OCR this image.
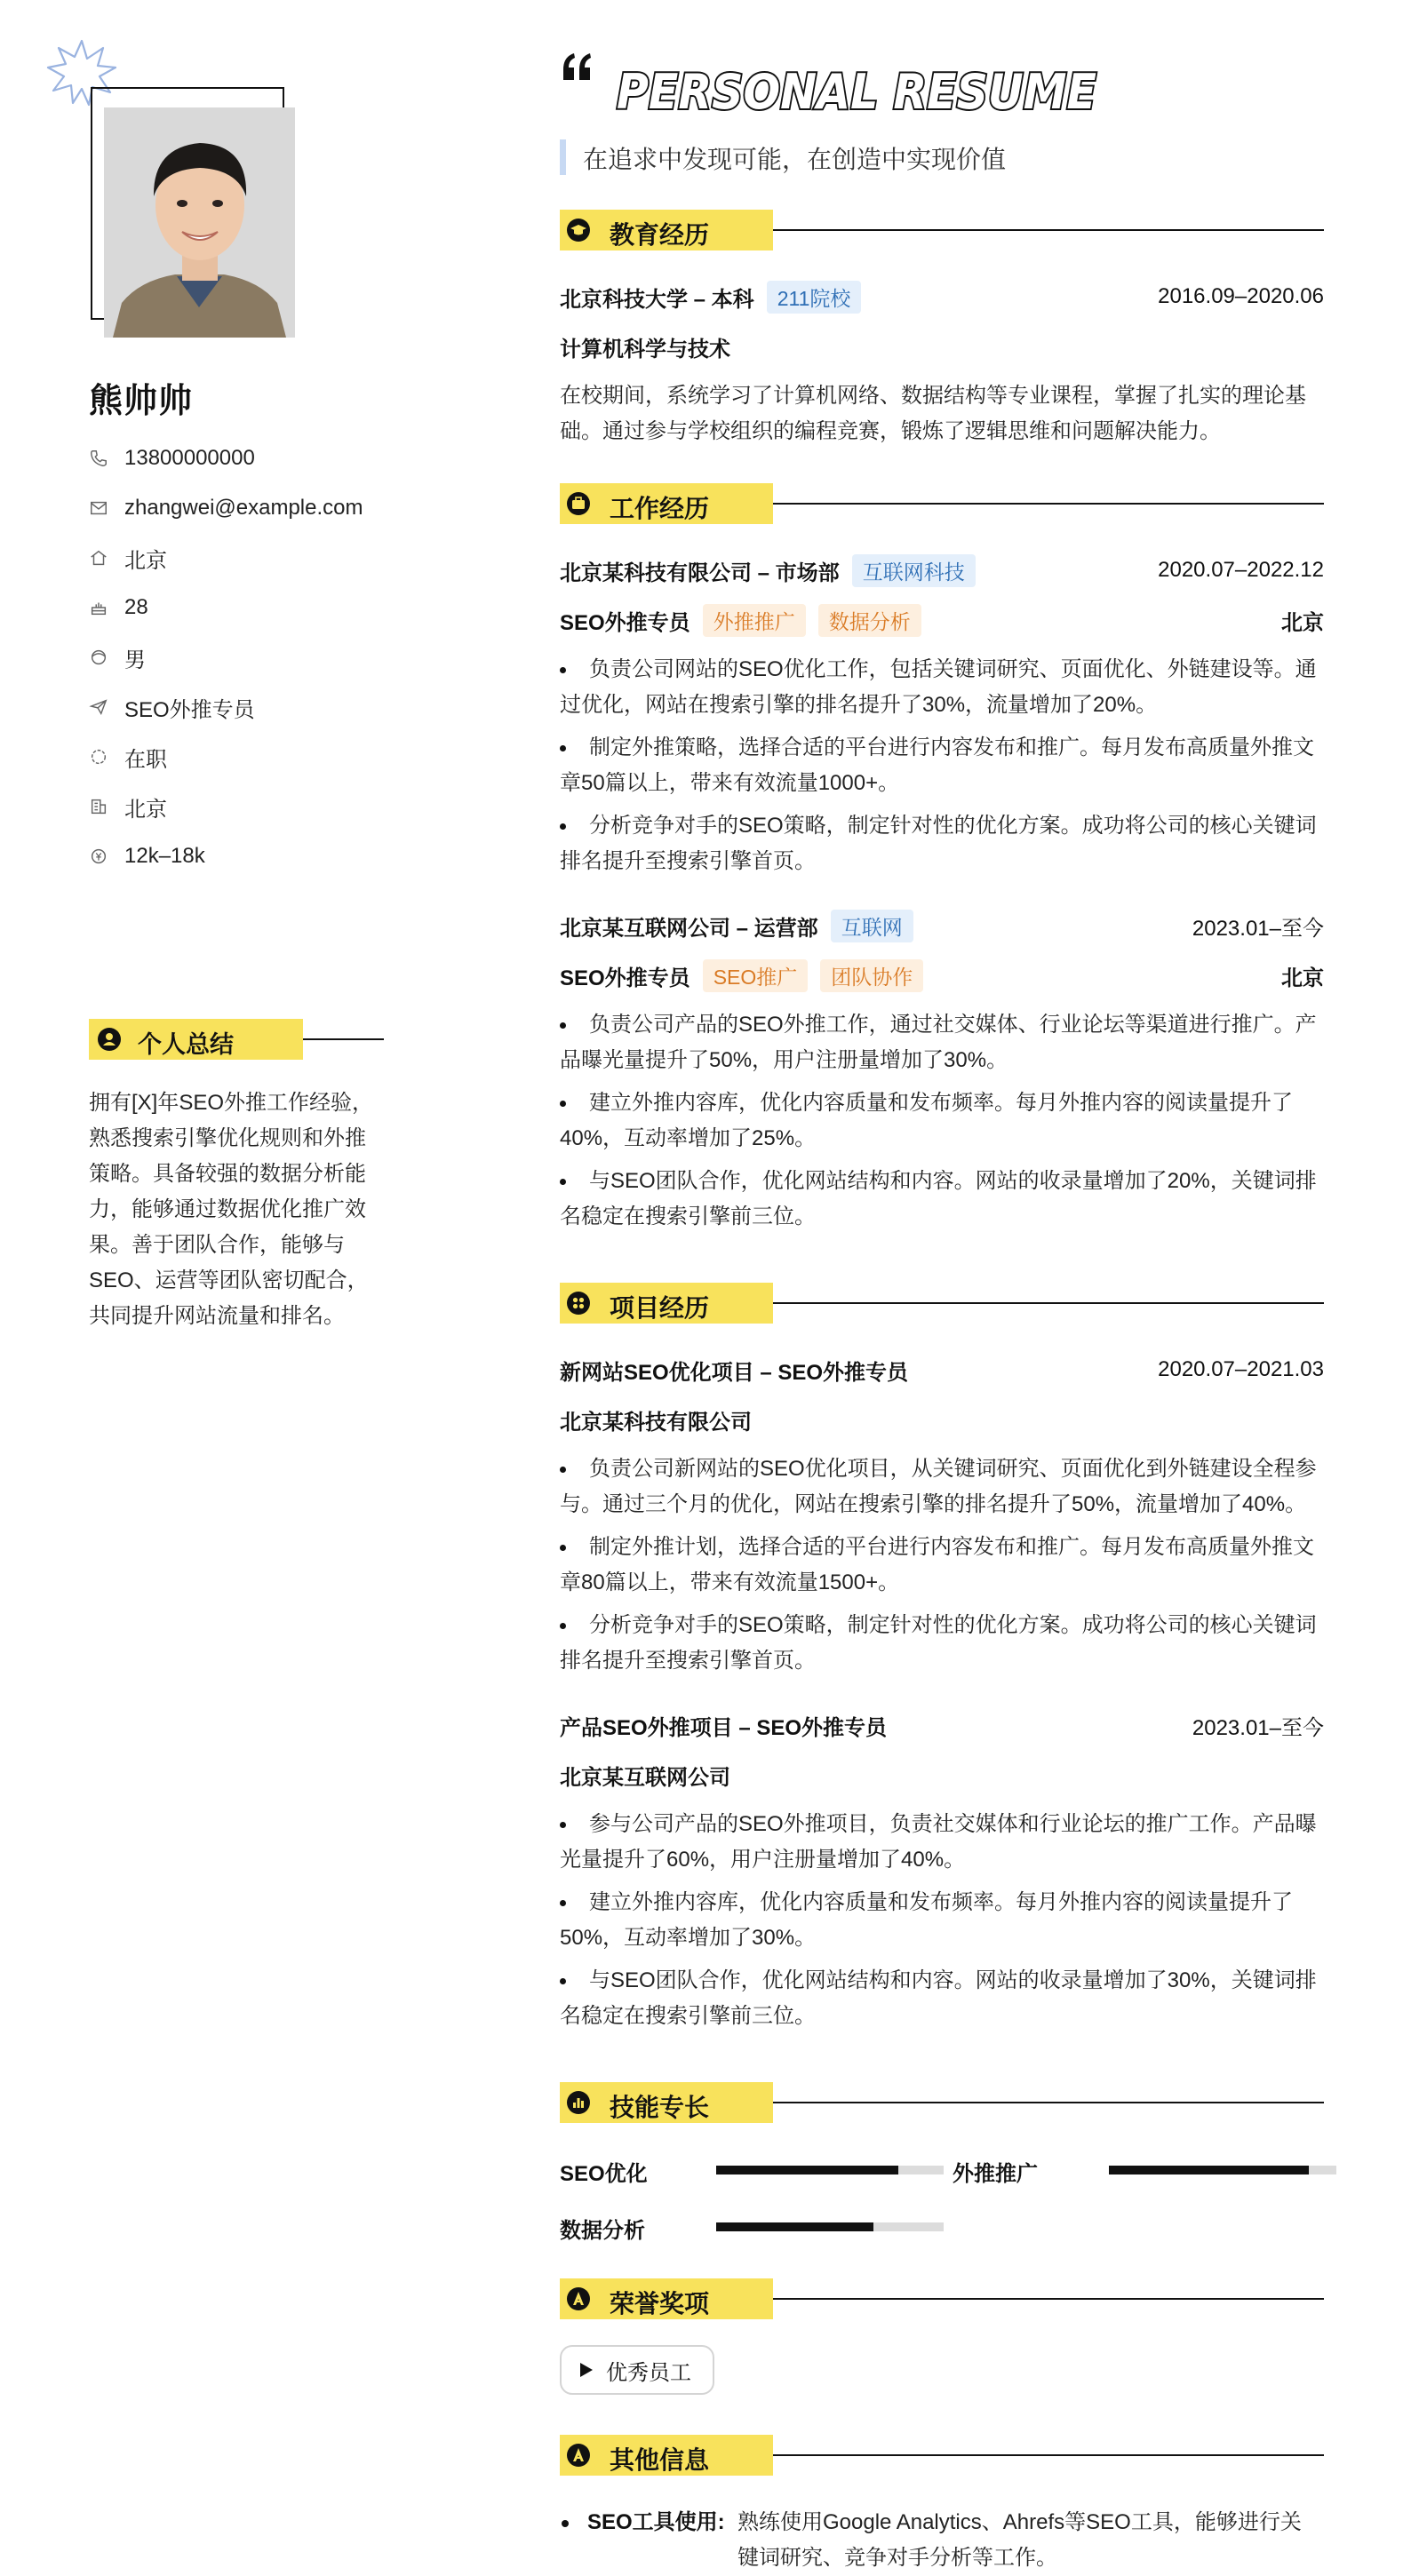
熊帅帅
13800000000
zhangwei@example.com
北京
28
男
SEO外推专员
在职
北京
12k–18k
个人总结
拥有[X]年SEO外推工作经验，
熟悉搜索引擎优化规则和外推
策略。具备较强的数据分析能
力，能够通过数据优化推广效
果。善于团队合作，能够与
SEO、运营等团队密切配合，
共同提升网站流量和排名。
PERSONAL RESUME
在追求中发现可能，在创造中实现价值
教育经历
北京科技大学 – 本科	211院校	2016.09–2020.06
计算机科学与技术
在校期间，系统学习了计算机网络、数据结构等专业课程，掌握了扎实的理论基
础。通过参与学校组织的编程竞赛，锻炼了逻辑思维和问题解决能力。
工作经历
北京某科技有限公司 – 市场部	互联网科技	2020.07–2022.12
SEO外推专员	外推推广	数据分析	北京
负责公司网站的SEO优化工作，包括关键词研究、页面优化、外链建设等。通
过优化，网站在搜索引擎的排名提升了30%，流量增加了20%。
制定外推策略，选择合适的平台进行内容发布和推广。每月发布高质量外推文
章50篇以上，带来有效流量1000+。
分析竞争对手的SEO策略，制定针对性的优化方案。成功将公司的核心关键词
排名提升至搜索引擎首页。
北京某互联网公司 – 运营部	互联网	2023.01–至今
SEO外推专员	SEO推广	团队协作	北京
负责公司产品的SEO外推工作，通过社交媒体、行业论坛等渠道进行推广。产
品曝光量提升了50%，用户注册量增加了30%。
建立外推内容库，优化内容质量和发布频率。每月外推内容的阅读量提升了
40%，互动率增加了25%。
与SEO团队合作，优化网站结构和内容。网站的收录量增加了20%，关键词排
名稳定在搜索引擎前三位。
项目经历
新网站SEO优化项目 – SEO外推专员	2020.07–2021.03
北京某科技有限公司
负责公司新网站的SEO优化项目，从关键词研究、页面优化到外链建设全程参
与。通过三个月的优化，网站在搜索引擎的排名提升了50%，流量增加了40%。
制定外推计划，选择合适的平台进行内容发布和推广。每月发布高质量外推文
章80篇以上，带来有效流量1500+。
分析竞争对手的SEO策略，制定针对性的优化方案。成功将公司的核心关键词
排名提升至搜索引擎首页。
产品SEO外推项目 – SEO外推专员	2023.01–至今
北京某互联网公司
参与公司产品的SEO外推项目，负责社交媒体和行业论坛的推广工作。产品曝
光量提升了60%，用户注册量增加了40%。
建立外推内容库，优化内容质量和发布频率。每月外推内容的阅读量提升了
50%，互动率增加了30%。
与SEO团队合作，优化网站结构和内容。网站的收录量增加了30%，关键词排
名稳定在搜索引擎前三位。
技能专长
SEO优化	外推推广
数据分析
荣誉奖项
优秀员工
其他信息
SEO工具使用: 熟练使用Google Analytics、Ahrefs等SEO工具，能够进行关
键词研究、竞争对手分析等工作。
